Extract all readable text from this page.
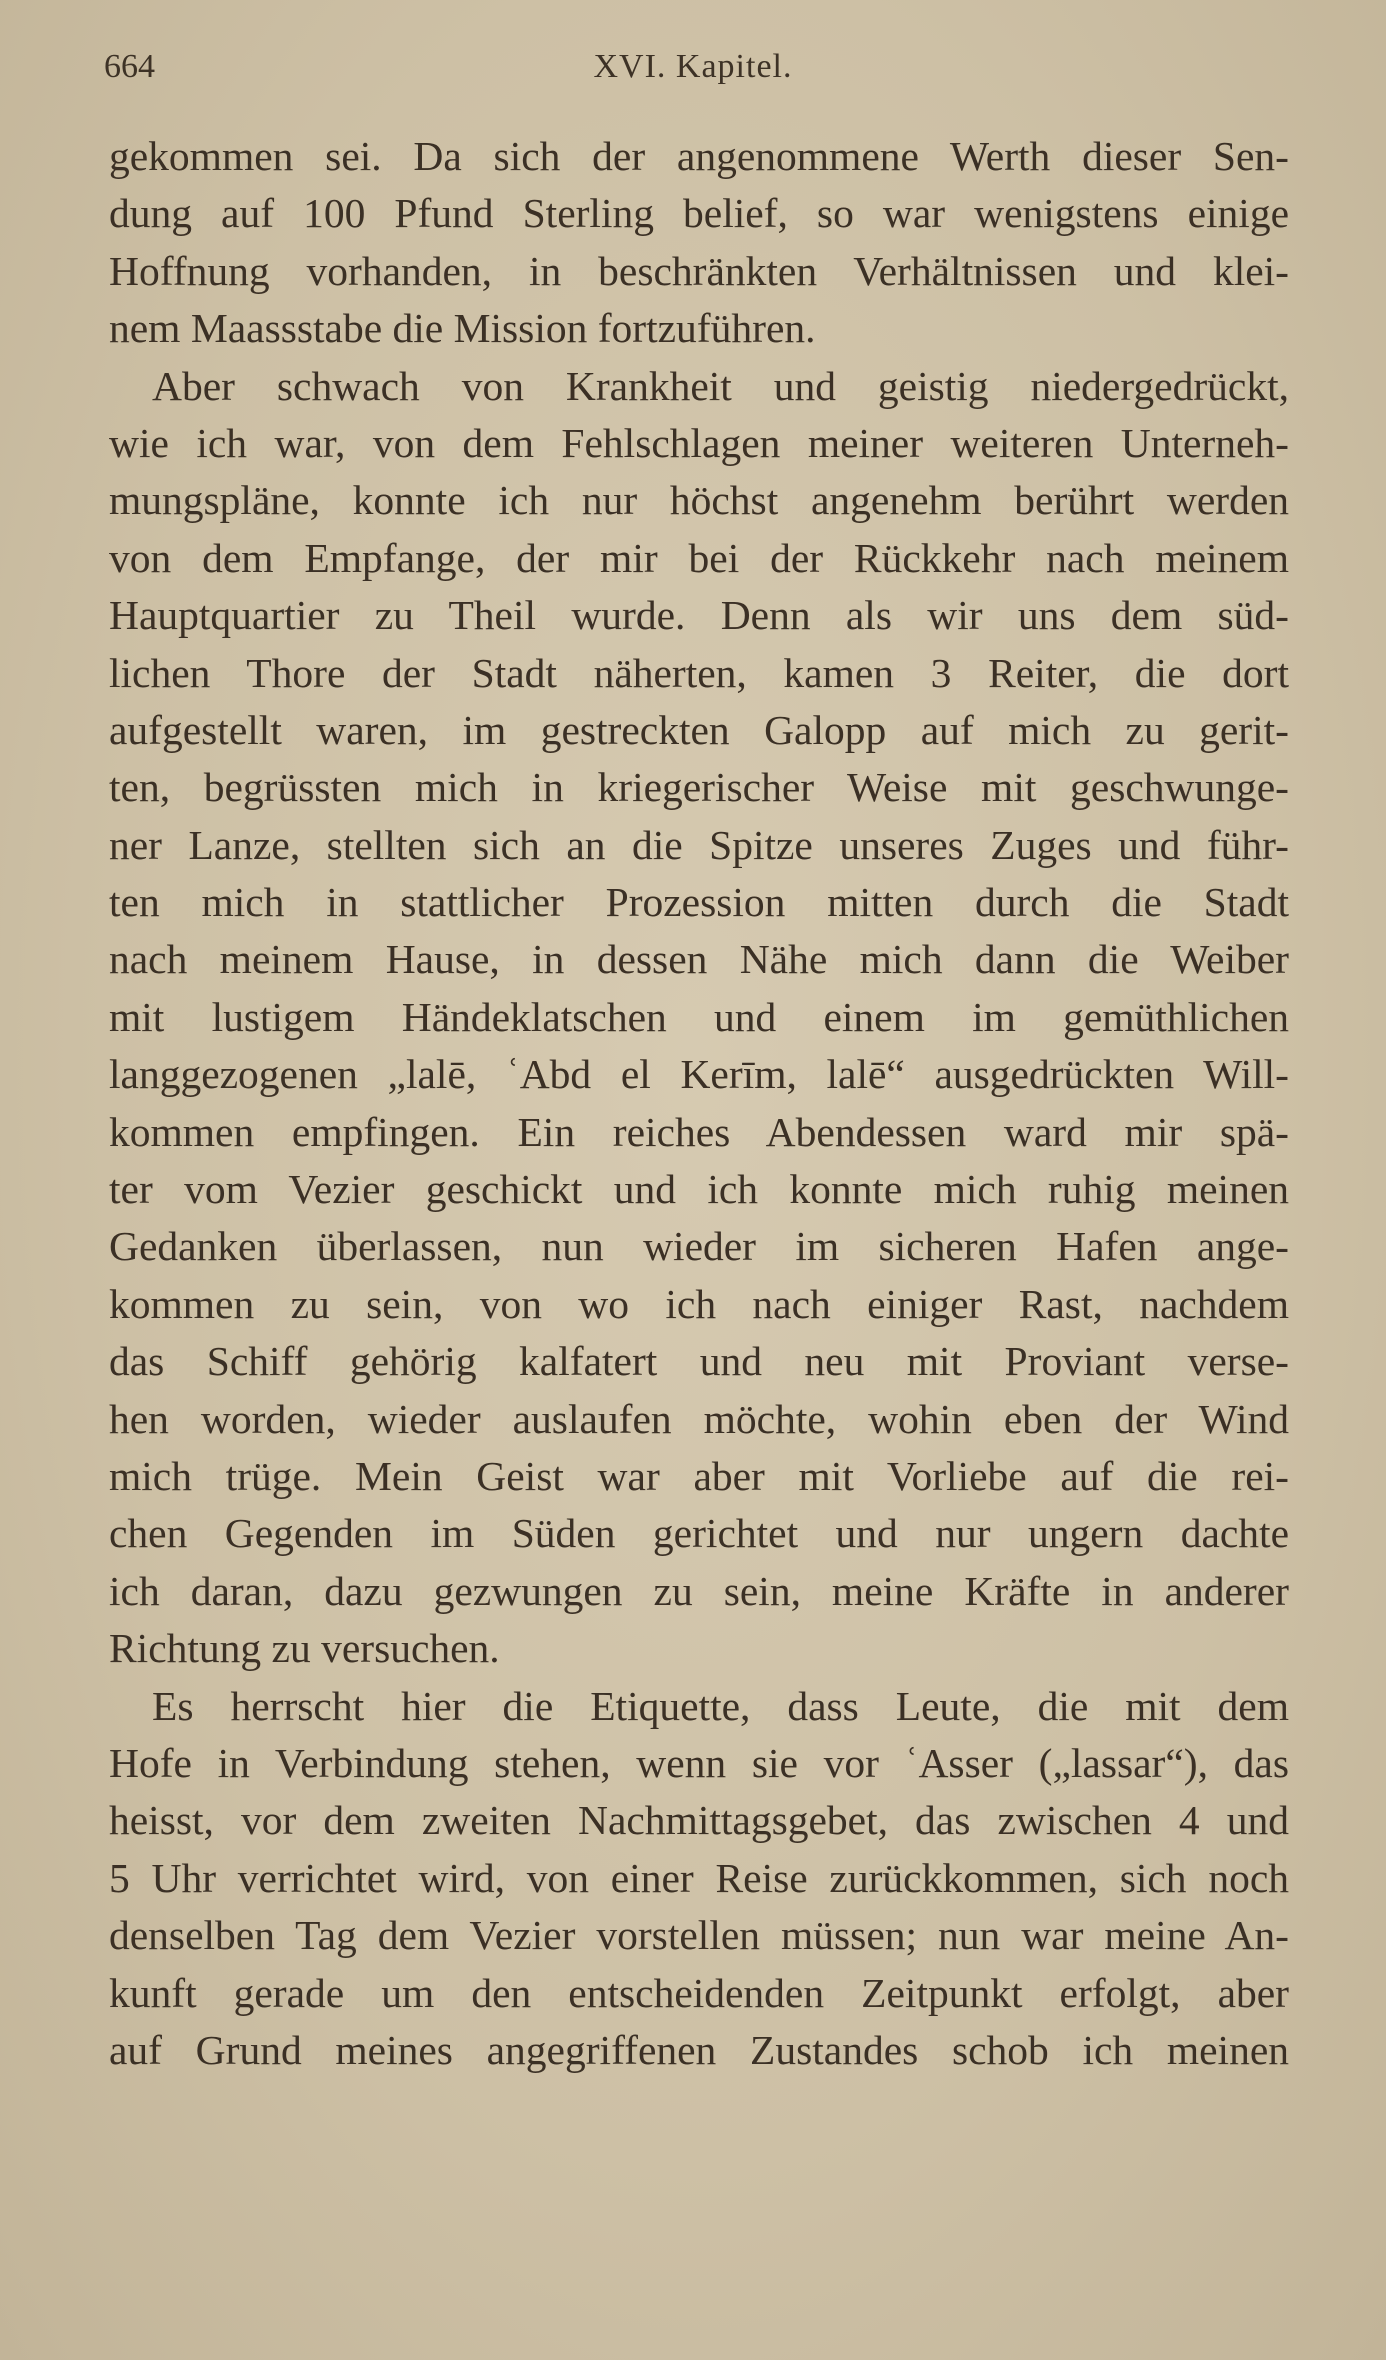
664	XVI. Kapitel.
gekommen sei. Da sich der angenommene Werth dieser Sen-
dung auf 100 Pfund Sterling belief, so war wenigstens einige
Hoffnung vorhanden, in beschränkten Verhältnissen und klei-
nem Maassstabe die Mission fortzuführen.
Aber schwach von Krankheit und geistig niedergedrückt,
wie ich war, von dem Fehlschlagen meiner weiteren Unterneh-
mungspläne, konnte ich nur höchst angenehm berührt werden
von dem Empfange, der mir bei der Rückkehr nach meinem
Hauptquartier zu Theil wurde. Denn als wir uns dem süd-
lichen Thore der Stadt näherten, kamen 3 Reiter, die dort
aufgestellt waren, im gestreckten Galopp auf mich zu gerit-
ten, begrüssten mich in kriegerischer Weise mit geschwunge-
ner Lanze, stellten sich an die Spitze unseres Zuges und führ-
ten mich in stattlicher Prozession mitten durch die Stadt
nach meinem Hause, in dessen Nähe mich dann die Weiber
mit lustigem Händeklatschen und einem im gemüthlichen
langgezogenen „lalē, ʿAbd el Kerīm, lalē“ ausgedrückten Will-
kommen empfingen. Ein reiches Abendessen ward mir spä-
ter vom Vezier geschickt und ich konnte mich ruhig meinen
Gedanken überlassen, nun wieder im sicheren Hafen ange-
kommen zu sein, von wo ich nach einiger Rast, nachdem
das Schiff gehörig kalfatert und neu mit Proviant verse-
hen worden, wieder auslaufen möchte, wohin eben der Wind
mich trüge. Mein Geist war aber mit Vorliebe auf die rei-
chen Gegenden im Süden gerichtet und nur ungern dachte
ich daran, dazu gezwungen zu sein, meine Kräfte in anderer
Richtung zu versuchen.
Es herrscht hier die Etiquette, dass Leute, die mit dem
Hofe in Verbindung stehen, wenn sie vor ʿAsser („lassar“), das
heisst, vor dem zweiten Nachmittagsgebet, das zwischen 4 und
5 Uhr verrichtet wird, von einer Reise zurückkommen, sich noch
denselben Tag dem Vezier vorstellen müssen; nun war meine An-
kunft gerade um den entscheidenden Zeitpunkt erfolgt, aber
auf Grund meines angegriffenen Zustandes schob ich meinen
